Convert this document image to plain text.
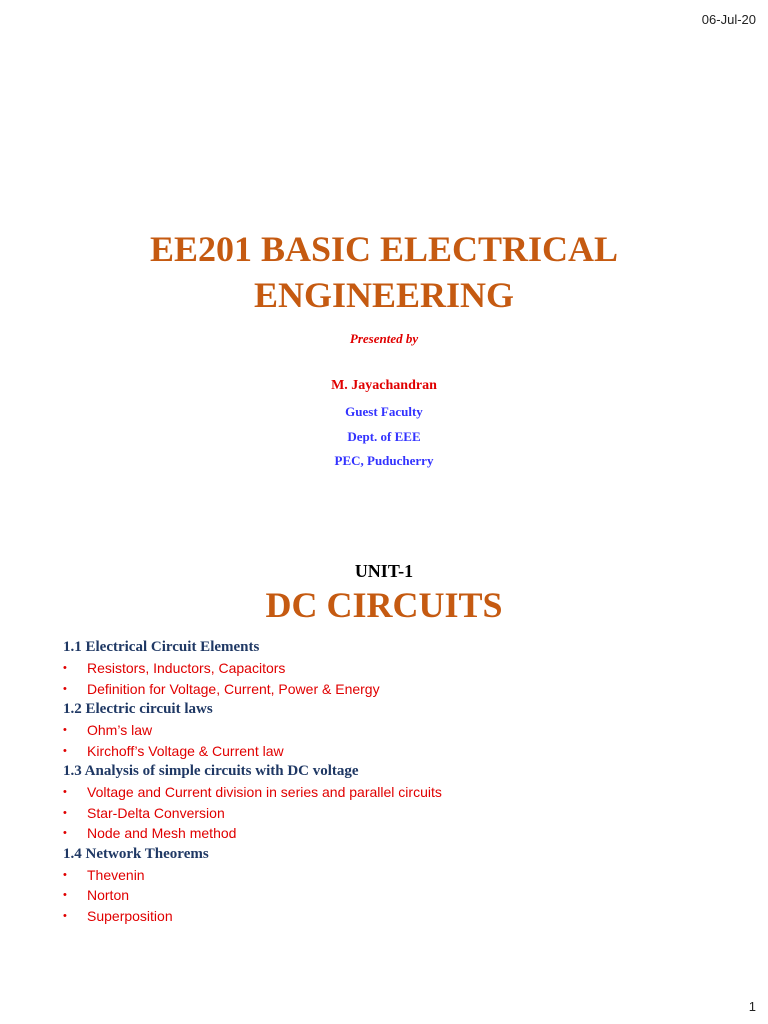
06-Jul-20
EE201 BASIC ELECTRICAL
ENGINEERING
Presented by
M. Jayachandran
Guest Faculty
Dept. of EEE
PEC, Puducherry
UNIT-1
DC CIRCUITS
1.1 Electrical Circuit Elements
• Resistors, Inductors, Capacitors
• Definition for Voltage, Current, Power & Energy
1.2 Electric circuit laws
• Ohm’s law
• Kirchoff’s Voltage & Current law
1.3 Analysis of simple circuits with DC voltage
• Voltage and Current division in series and parallel circuits
• Star-Delta Conversion
• Node and Mesh method
1.4 Network Theorems
• Thevenin
• Norton
• Superposition
1
